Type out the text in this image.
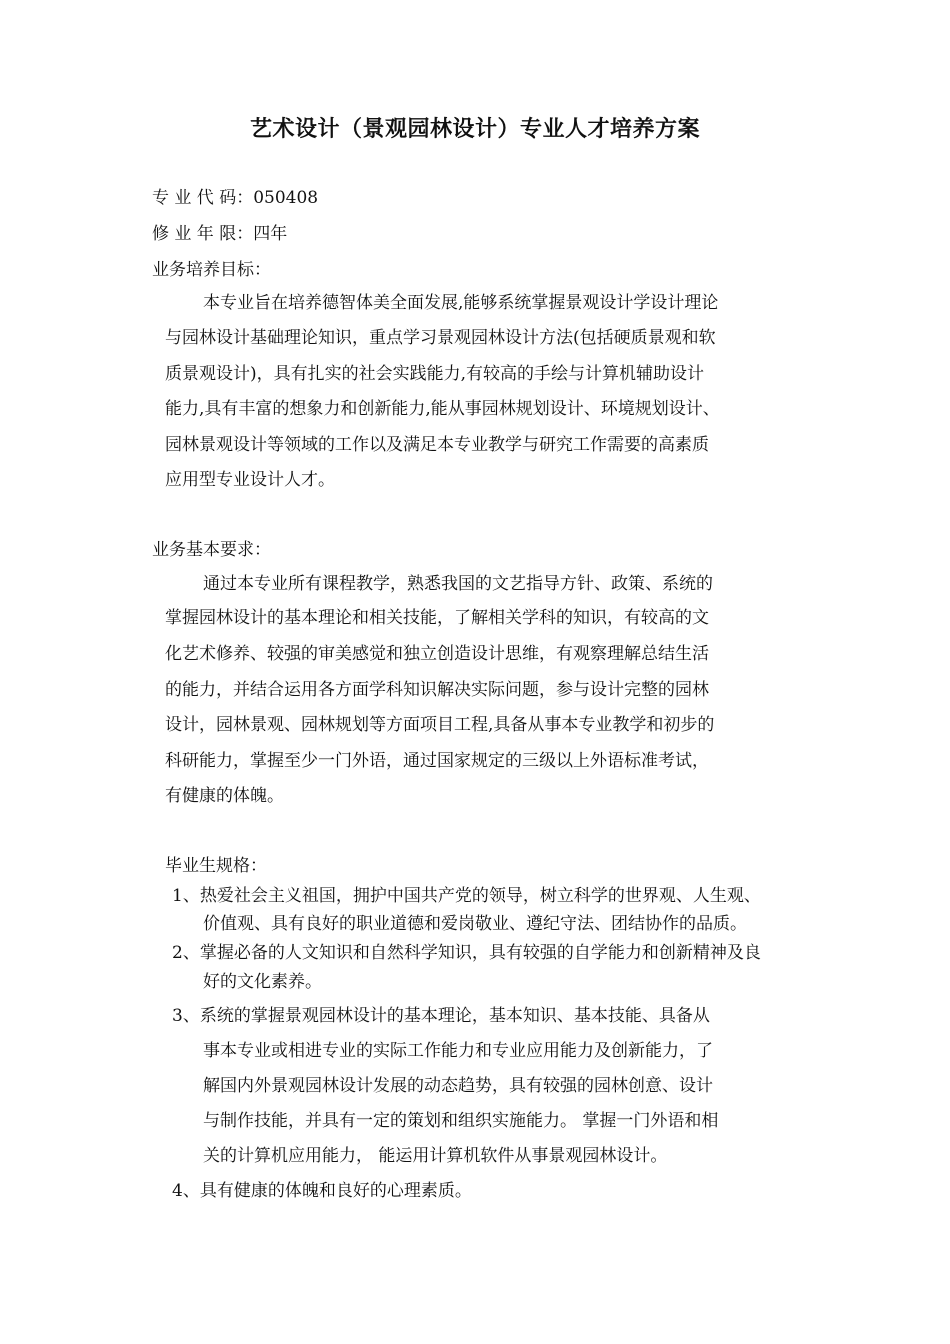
艺术设计（景观园林设计）专业人才培养方案
专 业 代 码：050408
修 业 年 限：四年
业务培养目标：
本专业旨在培养德智体美全面发展,能够系统掌握景观设计学设计理论
与园林设计基础理论知识，重点学习景观园林设计方法(包括硬质景观和软
质景观设计)，具有扎实的社会实践能力,有较高的手绘与计算机辅助设计
能力,具有丰富的想象力和创新能力,能从事园林规划设计、环境规划设计、
园林景观设计等领域的工作以及满足本专业教学与研究工作需要的高素质
应用型专业设计人才。
业务基本要求：
通过本专业所有课程教学，熟悉我国的文艺指导方针、政策、系统的
掌握园林设计的基本理论和相关技能，了解相关学科的知识，有较高的文
化艺术修养、较强的审美感觉和独立创造设计思维，有观察理解总结生活
的能力，并结合运用各方面学科知识解决实际问题，参与设计完整的园林
设计，园林景观、园林规划等方面项目工程,具备从事本专业教学和初步的
科研能力，掌握至少一门外语，通过国家规定的三级以上外语标准考试，
有健康的体魄。
毕业生规格：
1、热爱社会主义祖国，拥护中国共产党的领导，树立科学的世界观、人生观、
价值观、具有良好的职业道德和爱岗敬业、遵纪守法、团结协作的品质。
2、掌握必备的人文知识和自然科学知识，具有较强的自学能力和创新精神及良
好的文化素养。
3、系统的掌握景观园林设计的基本理论，基本知识、基本技能、具备从
事本专业或相进专业的实际工作能力和专业应用能力及创新能力，了
解国内外景观园林设计发展的动态趋势，具有较强的园林创意、设计
与制作技能，并具有一定的策划和组织实施能力。 掌握一门外语和相
关的计算机应用能力， 能运用计算机软件从事景观园林设计。
4、具有健康的体魄和良好的心理素质。
